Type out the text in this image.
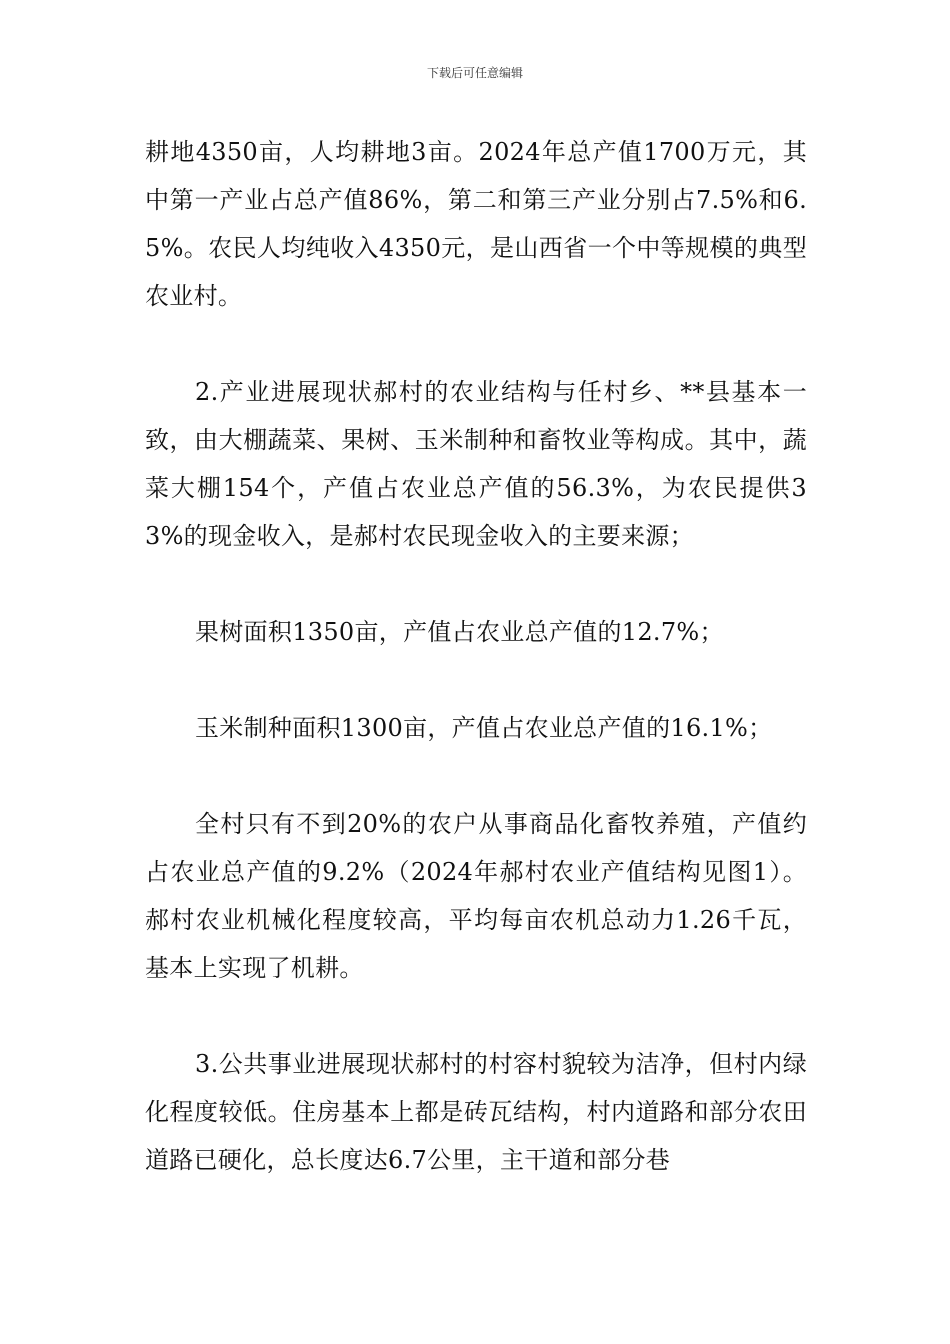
下载后可任意编辑

耕地4350亩，人均耕地3亩。2024年总产值1700万元，其中第一产业占总产值86%，第二和第三产业分别占7.5%和6.5%。农民人均纯收入4350元，是山西省一个中等规模的典型农业村。

2.产业进展现状郝村的农业结构与任村乡、**县基本一致，由大棚蔬菜、果树、玉米制种和畜牧业等构成。其中，蔬菜大棚154个，产值占农业总产值的56.3%，为农民提供33%的现金收入，是郝村农民现金收入的主要来源；

果树面积1350亩，产值占农业总产值的12.7%；

玉米制种面积1300亩，产值占农业总产值的16.1%；

全村只有不到20%的农户从事商品化畜牧养殖，产值约占农业总产值的9.2%（2024年郝村农业产值结构见图1）。郝村农业机械化程度较高，平均每亩农机总动力1.26千瓦，基本上实现了机耕。

3.公共事业进展现状郝村的村容村貌较为洁净，但村内绿化程度较低。住房基本上都是砖瓦结构，村内道路和部分农田道路已硬化，总长度达6.7公里，主干道和部分巷
